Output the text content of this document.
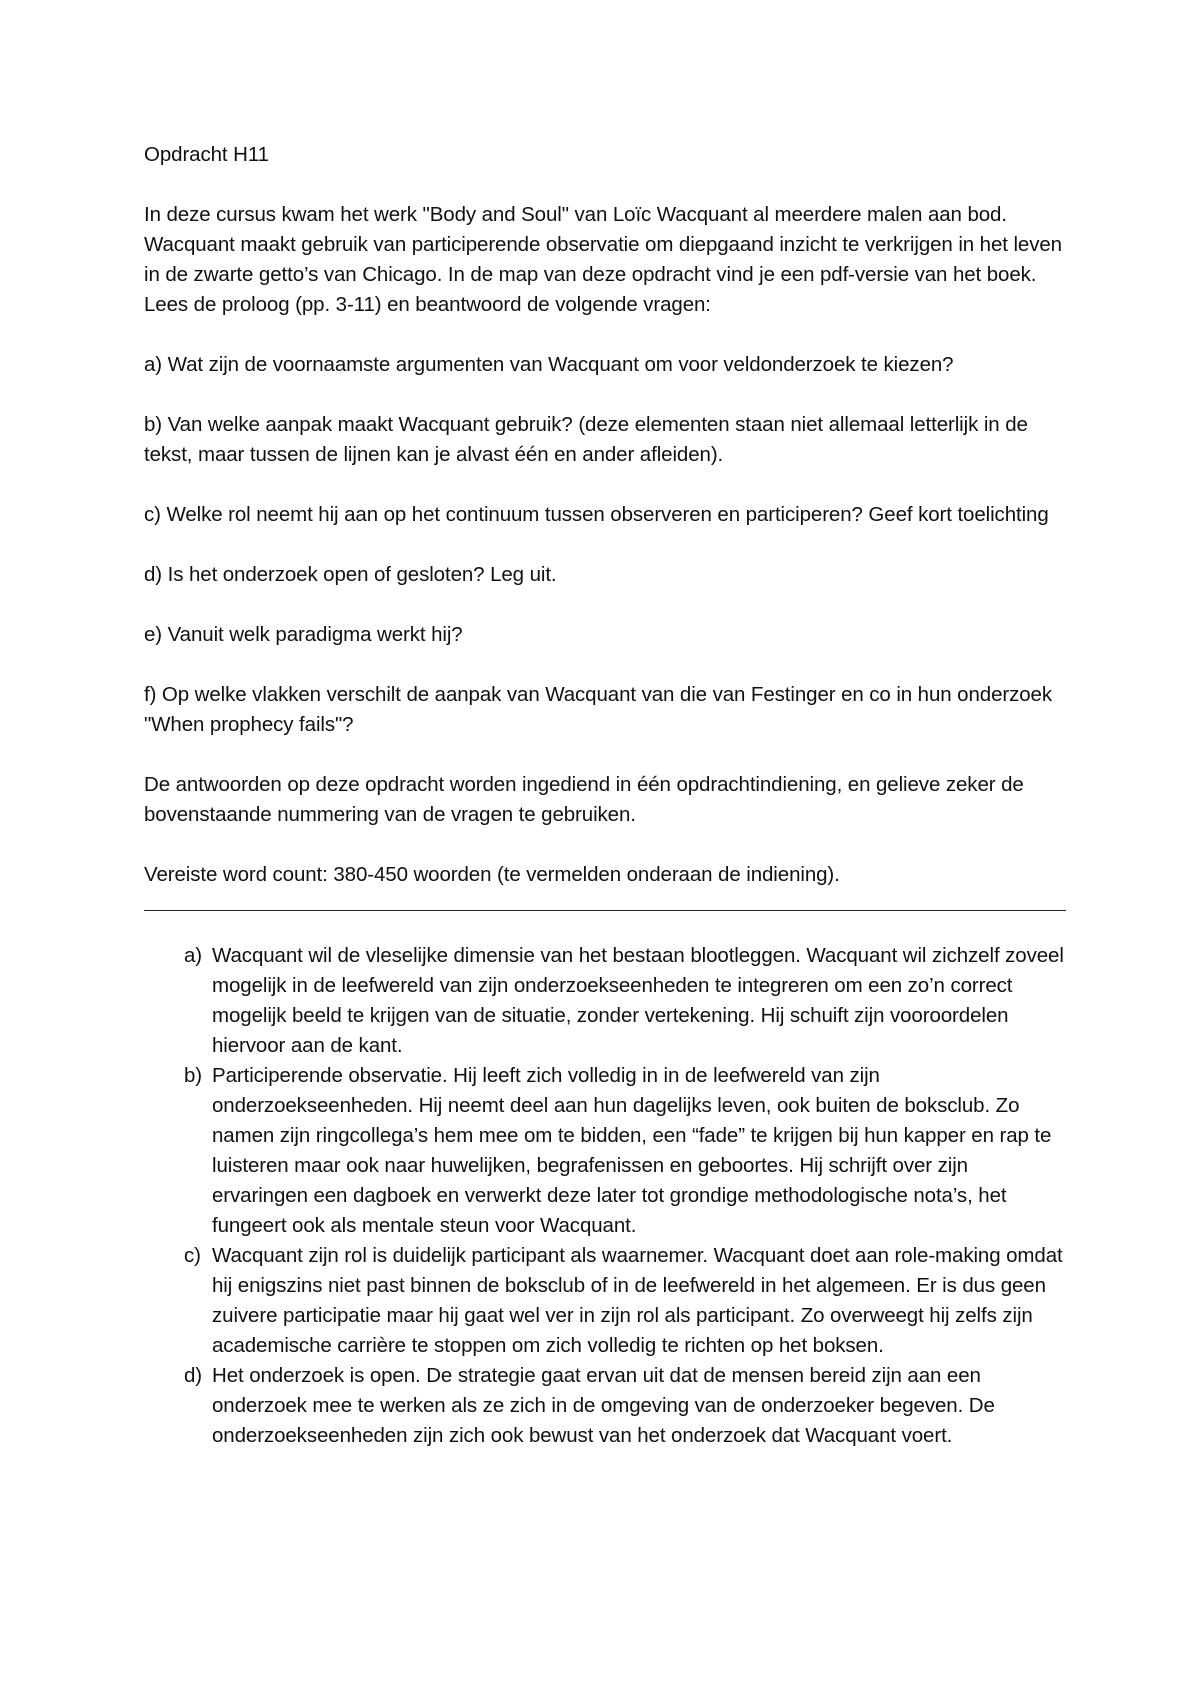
Opdracht H11

In deze cursus kwam het werk "Body and Soul" van Loïc Wacquant al meerdere malen aan bod. Wacquant maakt gebruik van participerende observatie om diepgaand inzicht te verkrijgen in het leven in de zwarte getto’s van Chicago. In de map van deze opdracht vind je een pdf-versie van het boek. Lees de proloog (pp. 3-11) en beantwoord de volgende vragen:

a) Wat zijn de voornaamste argumenten van Wacquant om voor veldonderzoek te kiezen?

b) Van welke aanpak maakt Wacquant gebruik? (deze elementen staan niet allemaal letterlijk in de tekst, maar tussen de lijnen kan je alvast één en ander afleiden).

c) Welke rol neemt hij aan op het continuum tussen observeren en participeren? Geef kort toelichting

d) Is het onderzoek open of gesloten? Leg uit.

e) Vanuit welk paradigma werkt hij?

f) Op welke vlakken verschilt de aanpak van Wacquant van die van Festinger en co in hun onderzoek "When prophecy fails"?

De antwoorden op deze opdracht worden ingediend in één opdrachtindiening, en gelieve zeker de bovenstaande nummering van de vragen te gebruiken.

Vereiste word count: 380-450 woorden (te vermelden onderaan de indiening).

a) Wacquant wil de vleselijke dimensie van het bestaan blootleggen. Wacquant wil zichzelf zoveel mogelijk in de leefwereld van zijn onderzoekseenheden te integreren om een zo’n correct mogelijk beeld te krijgen van de situatie, zonder vertekening. Hij schuift zijn vooroordelen hiervoor aan de kant.
b) Participerende observatie. Hij leeft zich volledig in in de leefwereld van zijn onderzoekseenheden. Hij neemt deel aan hun dagelijks leven, ook buiten de boksclub. Zo namen zijn ringcollega’s hem mee om te bidden, een “fade” te krijgen bij hun kapper en rap te luisteren maar ook naar huwelijken, begrafenissen en geboortes. Hij schrijft over zijn ervaringen een dagboek en verwerkt deze later tot grondige methodologische nota’s, het fungeert ook als mentale steun voor Wacquant.
c) Wacquant zijn rol is duidelijk participant als waarnemer. Wacquant doet aan role-making omdat hij enigszins niet past binnen de boksclub of in de leefwereld in het algemeen. Er is dus geen zuivere participatie maar hij gaat wel ver in zijn rol als participant. Zo overweegt hij zelfs zijn academische carrière te stoppen om zich volledig te richten op het boksen.
d) Het onderzoek is open. De strategie gaat ervan uit dat de mensen bereid zijn aan een onderzoek mee te werken als ze zich in de omgeving van de onderzoeker begeven. De onderzoekseenheden zijn zich ook bewust van het onderzoek dat Wacquant voert.
